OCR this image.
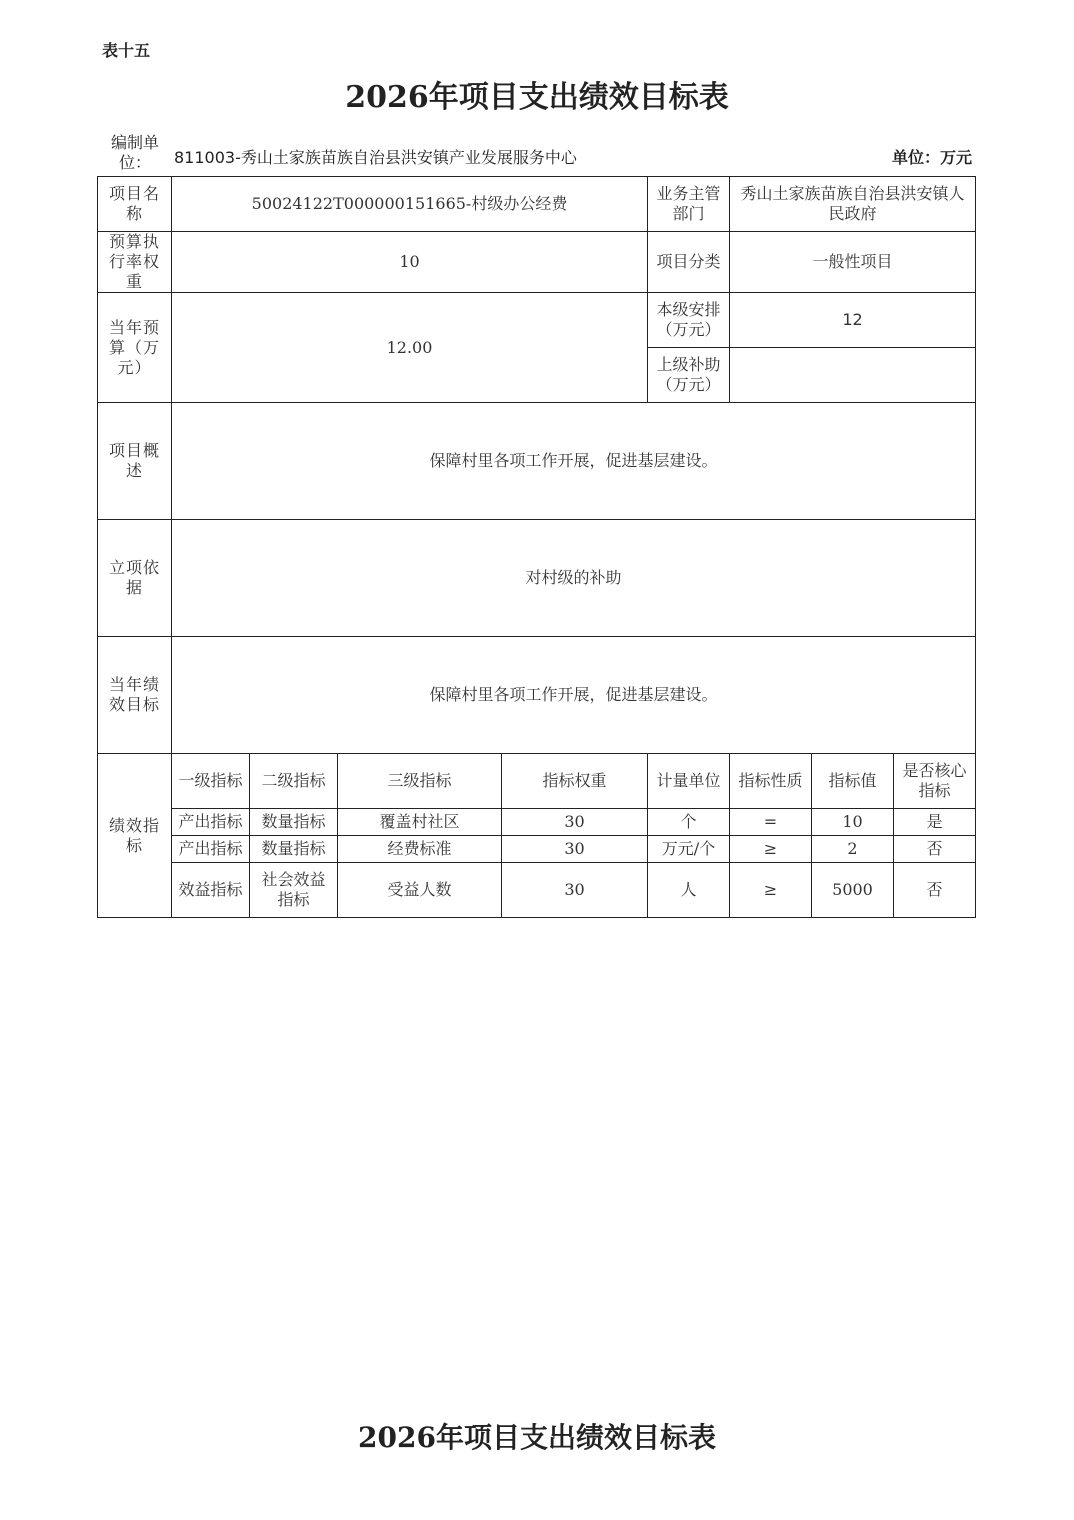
表十五
2026年项目支出绩效目标表
编制单位：	811003-秀山土家族苗族自治县洪安镇产业发展服务中心	单位：万元
项目名称	50024122T000000151665-村级办公经费				业务主管部门	秀山土家族苗族自治县洪安镇人民政府		
预算执行率权重	10				项目分类	一般性项目		
当年预算（万元）	12.00				本级安排（万元）	12		
					上级补助（万元）			
项目概述	保障村里各项工作开展，促进基层建设。							
立项依据	对村级的补助							
当年绩效目标	保障村里各项工作开展，促进基层建设。							
绩效指标	一级指标	二级指标	三级指标	指标权重	计量单位	指标性质	指标值	是否核心指标
	产出指标	数量指标	覆盖村社区	30	个	=	10	是
	产出指标	数量指标	经费标准	30	万元/个	≥	2	否
	效益指标	社会效益指标	受益人数	30	人	≥	5000	否
2026年项目支出绩效目标表
